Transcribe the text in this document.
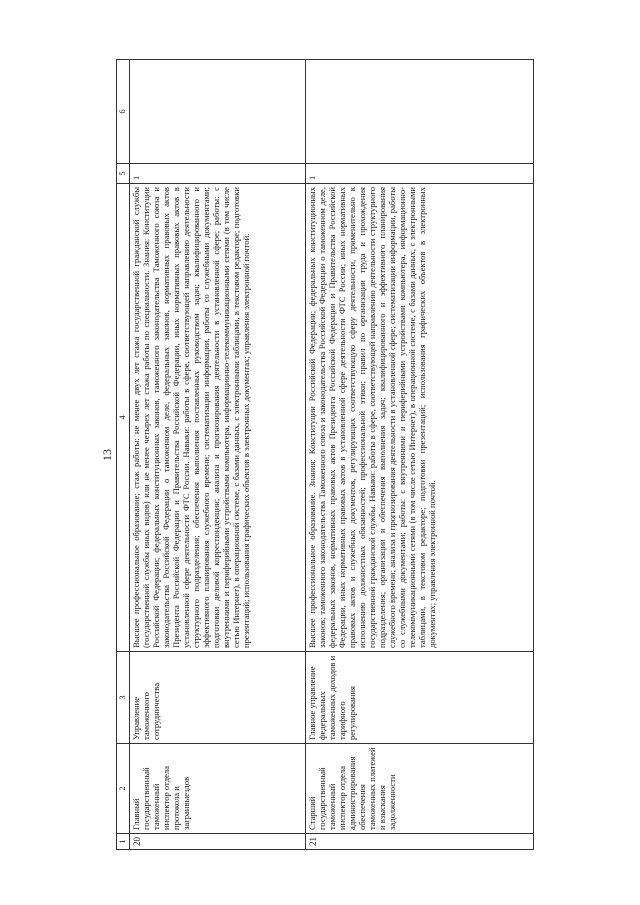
13
1	2	3	4	5	6
20	Главный государственный таможенный инспектор отдела протокола и загранвыездов	Управление таможенного сотрудничества	Высшее профессиональное образование; стаж работы: не менее двух лет стажа государственной гражданской службы (государственной службы иных видов) или не менее четырех лет стажа работы по специальности. Знания: Конституции Российской Федерации; федеральных конституционных законов, таможенного законодательства Таможенного союза и законодательства Российской Федерации о таможенном деле, федеральных законов, нормативных правовых актов Президента Российской Федерации и Правительства Российской Федерации, иных нормативных правовых актов в установленной сфере деятельности ФТС России. Навыки: работы в сфере, соответствующей направлению деятельности структурного подразделения; обеспечения выполнения поставленных руководством задач; квалифицированного и эффективного планирования служебного времени; систематизации информации, работы со служебными документами; подготовки деловой корреспонденции; анализа и прогнозирования деятельности в установленной сфере; работы: с внутренними и периферийными устройствами компьютера, информационно-телекоммуникационными сетями (в том числе сетью Интернет), в операционной системе, с базами данных, с электронными таблицами, в текстовом редакторе; подготовки презентаций; использования графических объектов в электронных документах; управления электронной почтой.	1	
21	Старший государственный таможенный инспектор отдела администрирования обеспечения таможенных платежей и взыскания задолженности	Главное управление федеральных таможенных доходов и тарифного регулирования	Высшее профессиональное образование. Знания: Конституции Российской Федерации; федеральных конституционных законов; таможенного законодательства Таможенного союза и законодательства Российской Федерации о таможенном деле, федеральных законов, нормативных правовых актов Президента Российской Федерации и Правительства Российской Федерации, иных нормативных правовых актов в установленной сфере деятельности ФТС России; иных нормативных правовых актов и служебных документов, регулирующих соответствующую сферу деятельности, применительно к исполнению должностных обязанностей; профессиональной этики; правил по организации труда и прохождения государственной гражданской службы. Навыки: работы в сфере, соответствующей направлению деятельности структурного подразделения; организации и обеспечения выполнения задач; квалифицированного и эффективного планирования служебного времени; анализа и прогнозирования деятельности в установленной сфере; систематизации информации, работы со служебными документами; работы: с внутренними и периферийными устройствами компьютера, информационно-телекоммуникационными сетями (в том числе сетью Интернет), в операционной системе, с базами данных, с электронными таблицами, в текстовом редакторе; подготовки презентаций; использования графических объектов в электронных документах; управления электронной почтой.	1	
